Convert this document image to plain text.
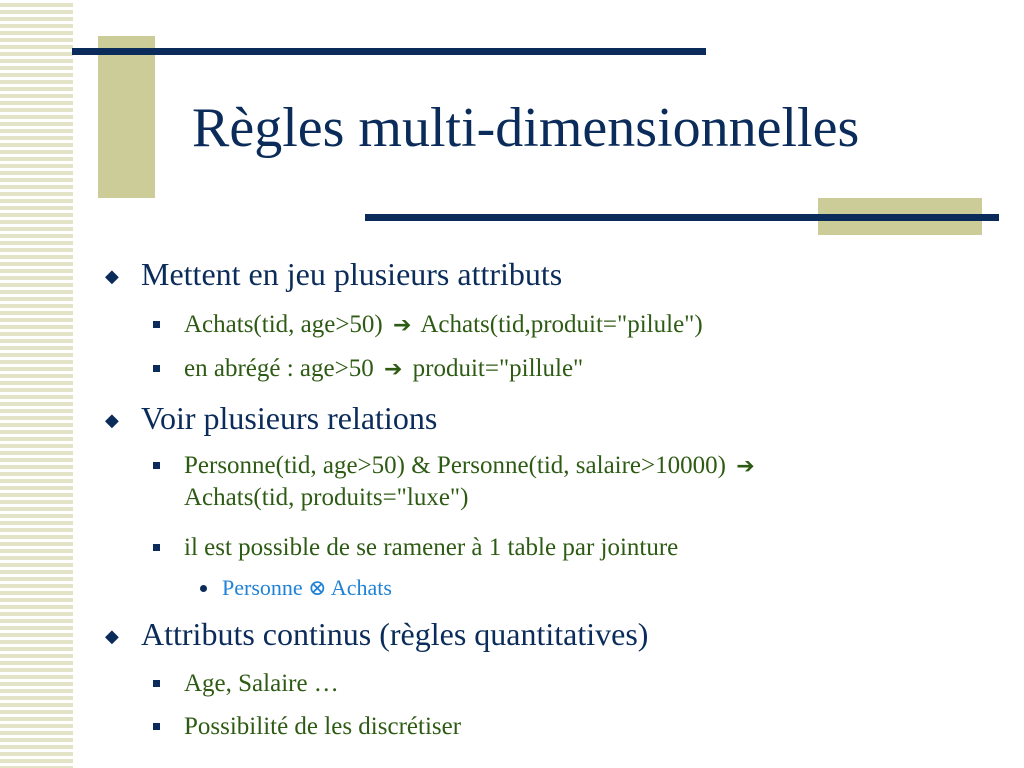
Règles multi-dimensionnelles
◆ Mettent en jeu plusieurs attributs
Achats(tid, age>50) ➔ Achats(tid,produit="pilule")
en abrégé : age>50 ➔ produit="pillule"
◆ Voir plusieurs relations
Personne(tid, age>50) & Personne(tid, salaire>10000) ➔
Achats(tid, produits="luxe")
il est possible de se ramener à 1 table par jointure
Personne ⊗ Achats
◆ Attributs continus (règles quantitatives)
Age, Salaire …
Possibilité de les discrétiser
